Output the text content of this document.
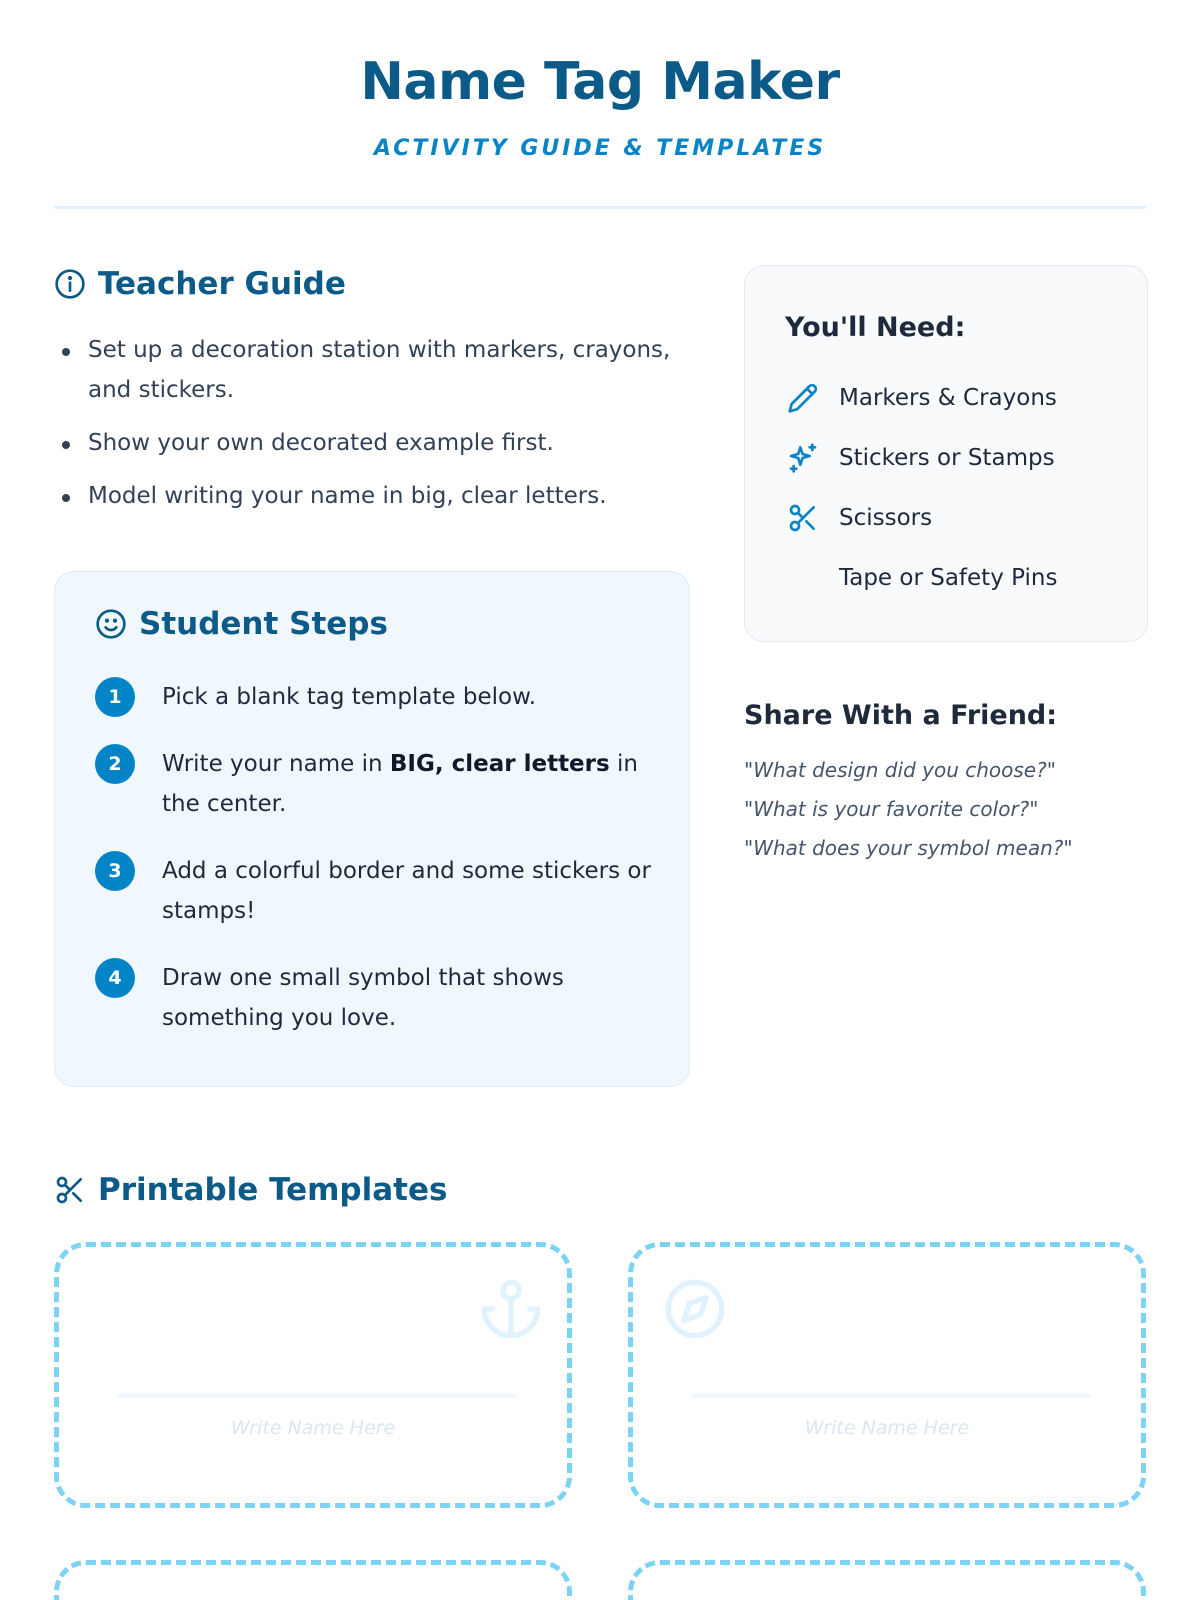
Name Tag Maker
ACTIVITY GUIDE & TEMPLATES
Teacher Guide
Set up a decoration station with markers, crayons, and stickers.
Show your own decorated example first.
Model writing your name in big, clear letters.
Student Steps
1	Pick a blank tag template below.
2	Write your name in BIG, clear letters in the center.
3	Add a colorful border and some stickers or stamps!
4	Draw one small symbol that shows something you love.
You'll Need:
Markers & Crayons
Stickers or Stamps
Scissors
Tape or Safety Pins
Share With a Friend:
"What design did you choose?"
"What is your favorite color?"
"What does your symbol mean?"
Printable Templates
Write Name Here	Write Name Here
